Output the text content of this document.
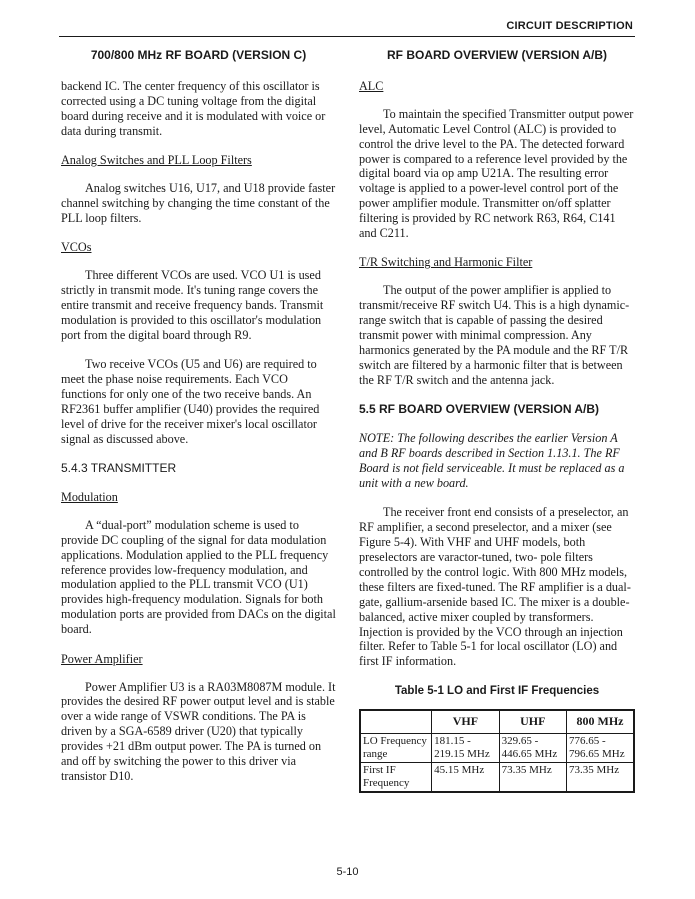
CIRCUIT DESCRIPTION
700/800 MHz RF BOARD (VERSION C)

backend IC. The center frequency of this oscillator is corrected using a DC tuning voltage from the digital board during receive and it is modulated with voice or data during transmit.

Analog Switches and PLL Loop Filters

Analog switches U16, U17, and U18 provide faster channel switching by changing the time constant of the PLL loop filters.

VCOs

Three different VCOs are used. VCO U1 is used strictly in transmit mode. It's tuning range covers the entire transmit and receive frequency bands. Transmit modulation is provided to this oscillator's modulation port from the digital board through R9.

Two receive VCOs (U5 and U6) are required to meet the phase noise requirements. Each VCO functions for only one of the two receive bands. An RF2361 buffer amplifier (U40) provides the required level of drive for the receiver mixer's local oscillator signal as discussed above.

5.4.3 TRANSMITTER
Modulation

A “dual-port” modulation scheme is used to provide DC coupling of the signal for data modulation applications. Modulation applied to the PLL frequency reference provides low-frequency modulation, and modulation applied to the PLL transmit VCO (U1) provides high-frequency modulation. Signals for both modulation ports are provided from DACs on the digital board.

Power Amplifier

Power Amplifier U3 is a RA03M8087M module. It provides the desired RF power output level and is stable over a wide range of VSWR conditions. The PA is driven by a SGA-6589 driver (U20) that typically provides +21 dBm output power. The PA is turned on and off by switching the power to this driver via transistor D10.

RF BOARD OVERVIEW (VERSION A/B)
ALC

To maintain the specified Transmitter output power level, Automatic Level Control (ALC) is provided to control the drive level to the PA. The detected forward power is compared to a reference level provided by the digital board via op amp U21A. The resulting error voltage is applied to a power-level control port of the power amplifier module. Transmitter on/off splatter filtering is provided by RC network R63, R64, C141 and C211.

T/R Switching and Harmonic Filter

The output of the power amplifier is applied to transmit/receive RF switch U4. This is a high dynamic-range switch that is capable of passing the desired transmit power with minimal compression. Any harmonics generated by the PA module and the RF T/R switch are filtered by a harmonic filter that is between the RF T/R switch and the antenna jack.

5.5 RF BOARD OVERVIEW (VERSION A/B)

NOTE: The following describes the earlier Version A and B RF boards described in Section 1.13.1. The RF Board is not field serviceable. It must be replaced as a unit with a new board.

The receiver front end consists of a preselector, an RF amplifier, a second preselector, and a mixer (see Figure 5-4). With VHF and UHF models, both preselectors are varactor-tuned, two- pole filters controlled by the control logic. With 800 MHz models, these filters are fixed-tuned. The RF amplifier is a dual-gate, gallium-arsenide based IC. The mixer is a double-balanced, active mixer coupled by transformers. Injection is provided by the VCO through an injection filter. Refer to Table 5-1 for local oscillator (LO) and first IF information.

Table 5-1 LO and First IF Frequencies
	VHF	UHF	800 MHz
LO Frequency range	181.15 - 219.15 MHz	329.65 - 446.65 MHz	776.65 - 796.65 MHz
First IF Frequency	45.15 MHz	73.35 MHz	73.35 MHz
5-10
